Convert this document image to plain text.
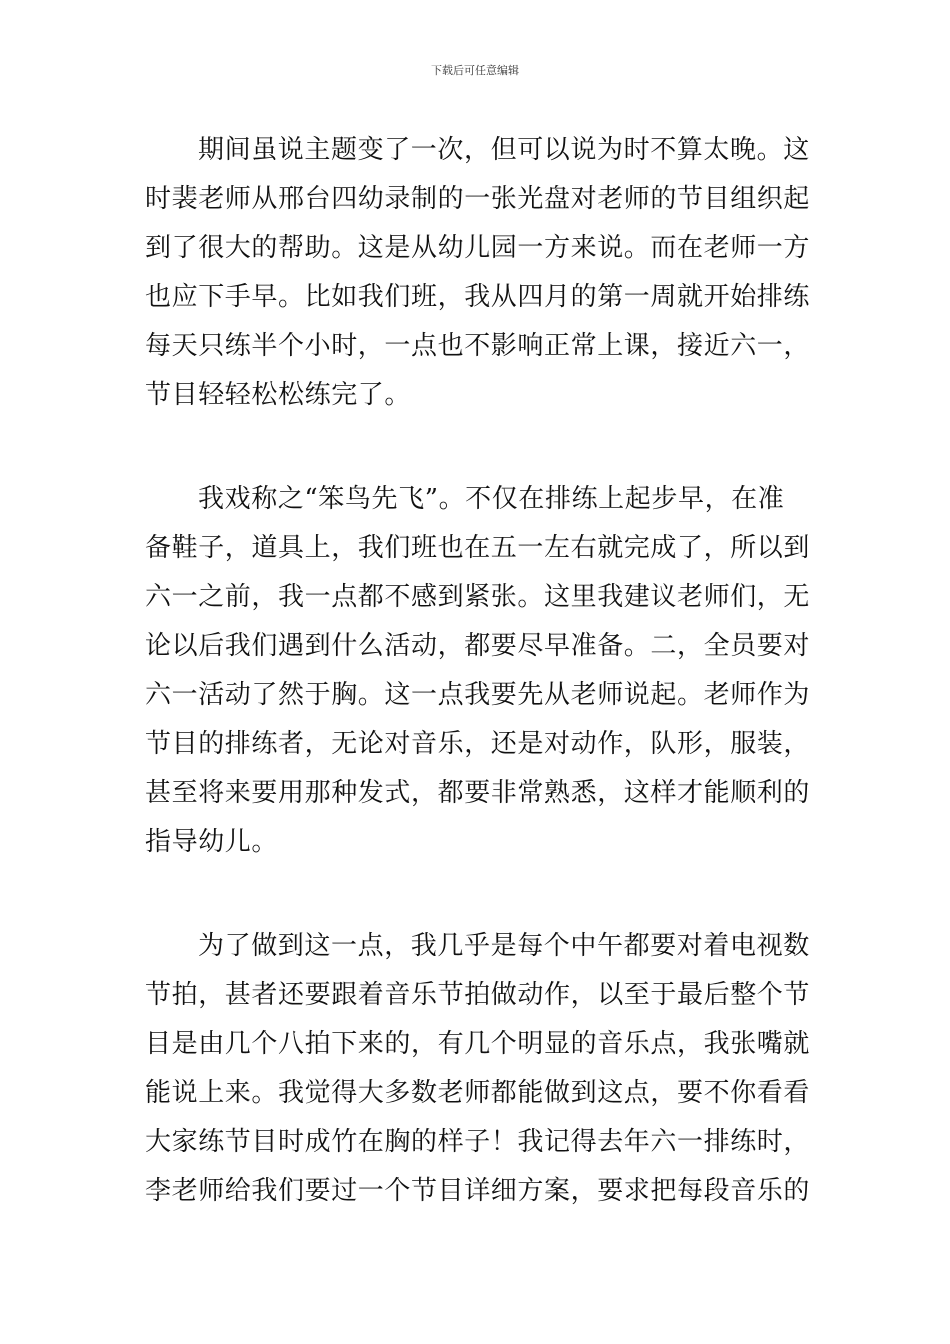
下载后可任意编辑
期间虽说主题变了一次，但可以说为时不算太晚。这
时裴老师从邢台四幼录制的一张光盘对老师的节目组织起
到了很大的帮助。这是从幼儿园一方来说。而在老师一方
也应下手早。比如我们班，我从四月的第一周就开始排练
每天只练半个小时，一点也不影响正常上课，接近六一，
节目轻轻松松练完了。
我戏称之“笨鸟先飞”。不仅在排练上起步早，在准
备鞋子，道具上，我们班也在五一左右就完成了，所以到
六一之前，我一点都不感到紧张。这里我建议老师们，无
论以后我们遇到什么活动，都要尽早准备。二，全员要对
六一活动了然于胸。这一点我要先从老师说起。老师作为
节目的排练者，无论对音乐，还是对动作，队形，服装，
甚至将来要用那种发式，都要非常熟悉，这样才能顺利的
指导幼儿。
为了做到这一点，我几乎是每个中午都要对着电视数
节拍，甚者还要跟着音乐节拍做动作，以至于最后整个节
目是由几个八拍下来的，有几个明显的音乐点，我张嘴就
能说上来。我觉得大多数老师都能做到这点，要不你看看
大家练节目时成竹在胸的样子！我记得去年六一排练时，
李老师给我们要过一个节目详细方案，要求把每段音乐的
